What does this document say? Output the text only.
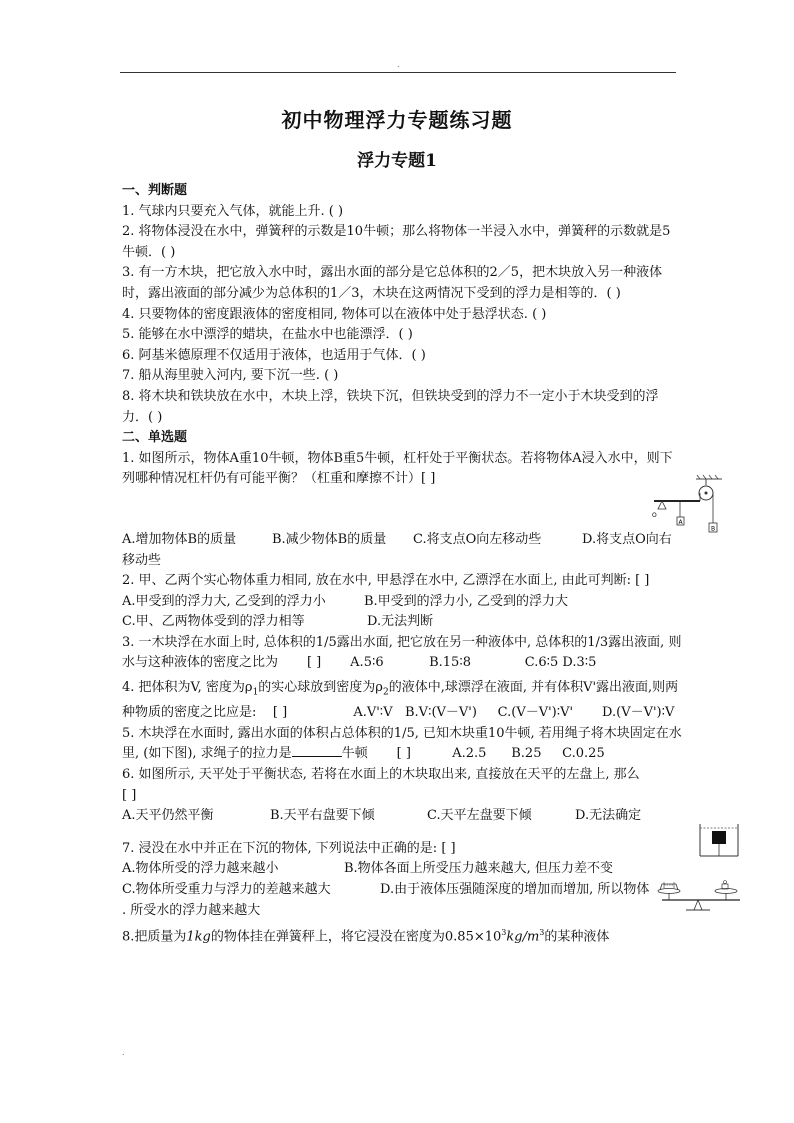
.
.
初中物理浮力专题练习题
浮力专题1

一、判断题

1. 气球内只要充入气体，就能上升. ( )

2. 将物体浸没在水中，弹簧秤的示数是10牛顿；那么将物体一半浸入水中，弹簧秤的示数就是5牛顿．( )

3. 有一方木块，把它放入水中时，露出水面的部分是它总体积的2／5，把木块放入另一种液体时，露出液面的部分减少为总体积的1／3，木块在这两情况下受到的浮力是相等的．( )

4. 只要物体的密度跟液体的密度相同, 物体可以在液体中处于悬浮状态. ( )

5. 能够在水中漂浮的蜡块，在盐水中也能漂浮．( )

6. 阿基米德原理不仅适用于液体，也适用于气体．( )

7. 船从海里驶入河内, 要下沉一些. ( )

8. 将木块和铁块放在水中，木块上浮，铁块下沉，但铁块受到的浮力不一定小于木块受到的浮力．( )

二、单选题

1. 如图所示，物体A重10牛顿，物体B重5牛顿，杠杆处于平衡状态。若将物体A浸入水中，则下列哪种情况杠杆仍有可能平衡？（杠重和摩擦不计）[ ]

A.增加物体B的质量	B.减少物体B的质量 C.将支点O向左移动些	D.将支点O向右

移动些

2. 甲、乙两个实心物体重力相同, 放在水中, 甲悬浮在水中, 乙漂浮在水面上, 由此可判断: [ ]

A.甲受到的浮力大, 乙受到的浮力小	B.甲受到的浮力小, 乙受到的浮力大
C.甲、乙两物体受到的浮力相等	D.无法判断

3. 一木块浮在水面上时, 总体积的1/5露出水面, 把它放在另一种液体中, 总体积的1/3露出液面, 则水与这种液体的密度之比为 [ ] A.5∶6	B.15∶8	C.6∶5 D.3∶5

4. 把体积为V, 密度为$\rho_1$的实心球放到密度为$\rho_2$的液体中,球漂浮在液面, 并有体积V'露出液面,则两种物质的密度之比应是: [ ]	A.V'∶V B.V∶(V－V') C.(V－V')∶V' D.(V－V')∶V

5. 木块浮在水面时, 露出水面的体积占总体积的1/5, 已知木块重10牛顿, 若用绳子将木块固定在水里, (如下图), 求绳子的拉力是	牛顿 [ ]	A.2.5 B.25 C.0.25

6. 如图所示, 天平处于平衡状态, 若将在水面上的木块取出来, 直接放在天平的左盘上, 那么 [ ]

A.天平仍然平衡	B.天平右盘要下倾	C.天平左盘要下倾	D.无法确定

7. 浸没在水中并正在下沉的物体, 下列说法中正确的是: [ ]

A.物体所受的浮力越来越小	B.物体各面上所受压力越来越大, 但压力差不变
C.物体所受重力与浮力的差越来越大	D.由于液体压强随深度的增加而增加, 所以物体

. 所受水的浮力越来越大

8.把质量为1kg的物体挂在弹簧秤上，将它浸没在密度为$0.85\times 10^3kg/m^3$的某种液体

O
A
B
